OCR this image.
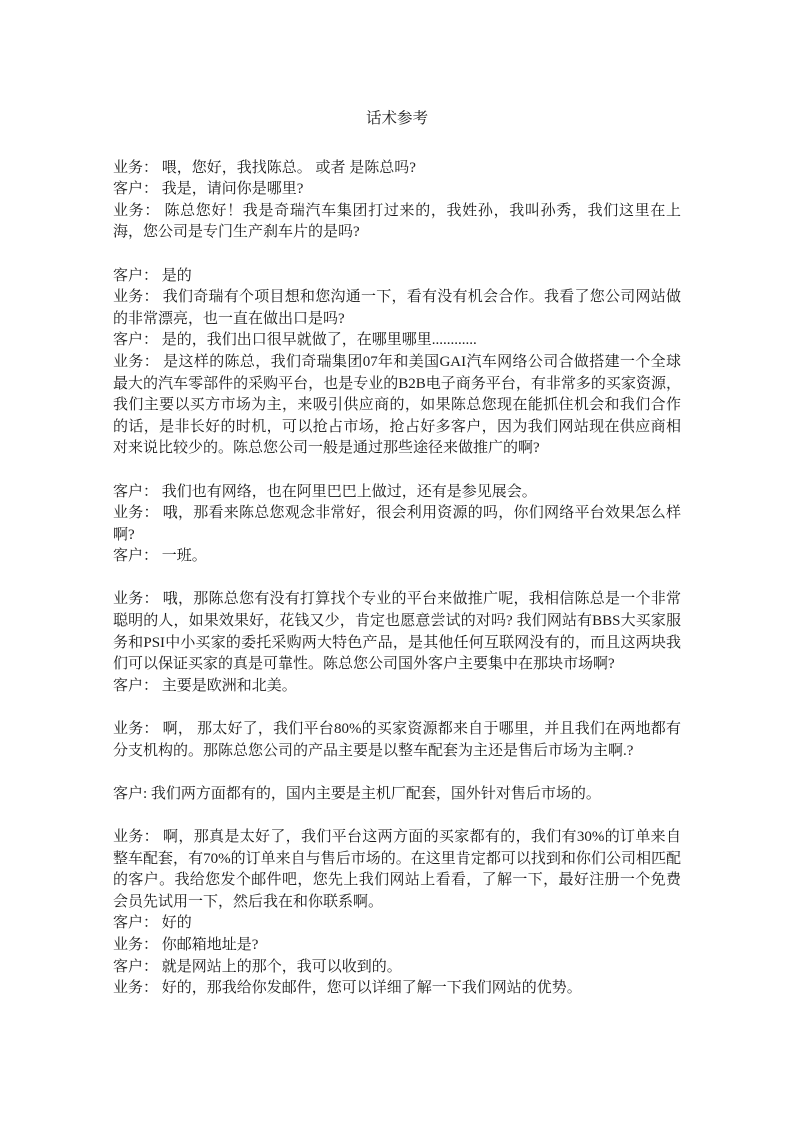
话术参考

业务： 喂，您好，我找陈总。 或者 是陈总吗?

客户： 我是，请问你是哪里?

业务： 陈总您好！我是奇瑞汽车集团打过来的，我姓孙，我叫孙秀，我们这里在上海，您公司是专门生产刹车片的是吗?

客户： 是的

业务： 我们奇瑞有个项目想和您沟通一下，看有没有机会合作。我看了您公司网站做的非常漂亮，也一直在做出口是吗?

客户： 是的，我们出口很早就做了，在哪里哪里............

业务： 是这样的陈总，我们奇瑞集团07年和美国GAI汽车网络公司合做搭建一个全球最大的汽车零部件的采购平台，也是专业的B2B电子商务平台，有非常多的买家资源，我们主要以买方市场为主，来吸引供应商的，如果陈总您现在能抓住机会和我们合作的话，是非长好的时机，可以抢占市场，抢占好多客户，因为我们网站现在供应商相对来说比较少的。陈总您公司一般是通过那些途径来做推广的啊?

客户： 我们也有网络，也在阿里巴巴上做过，还有是参见展会。

业务： 哦，那看来陈总您观念非常好，很会利用资源的吗，你们网络平台效果怎么样啊?

客户： 一班。

业务： 哦，那陈总您有没有打算找个专业的平台来做推广呢，我相信陈总是一个非常聪明的人，如果效果好，花钱又少，肯定也愿意尝试的对吗? 我们网站有BBS大买家服务和PSI中小买家的委托采购两大特色产品，是其他任何互联网没有的，而且这两块我们可以保证买家的真是可靠性。陈总您公司国外客户主要集中在那块市场啊?

客户： 主要是欧洲和北美。

业务： 啊， 那太好了，我们平台80%的买家资源都来自于哪里，并且我们在两地都有分支机构的。那陈总您公司的产品主要是以整车配套为主还是售后市场为主啊.?

客户: 我们两方面都有的，国内主要是主机厂配套，国外针对售后市场的。

业务： 啊，那真是太好了，我们平台这两方面的买家都有的，我们有30%的订单来自整车配套，有70%的订单来自与售后市场的。在这里肯定都可以找到和你们公司相匹配的客户。我给您发个邮件吧，您先上我们网站上看看，了解一下，最好注册一个免费会员先试用一下，然后我在和你联系啊。

客户： 好的

业务： 你邮箱地址是?

客户： 就是网站上的那个，我可以收到的。

业务： 好的，那我给你发邮件，您可以详细了解一下我们网站的优势。
